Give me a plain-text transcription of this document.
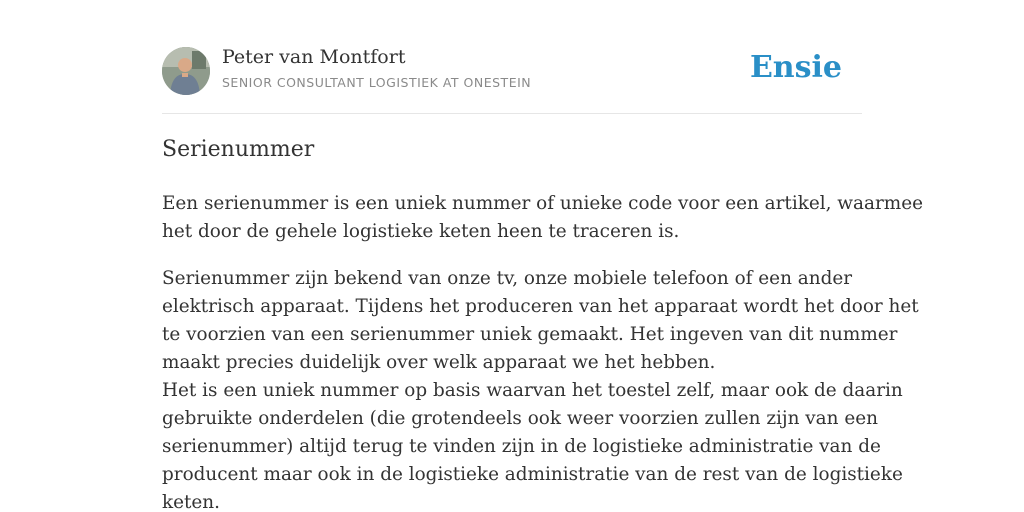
Peter van Montfort
SENIOR CONSULTANT LOGISTIEK AT ONESTEIN	Ensie
Serienummer

Een serienummer is een uniek nummer of unieke code voor een artikel, waarmee
het door de gehele logistieke keten heen te traceren is.

Serienummer zijn bekend van onze tv, onze mobiele telefoon of een ander
elektrisch apparaat. Tijdens het produceren van het apparaat wordt het door het
te voorzien van een serienummer uniek gemaakt. Het ingeven van dit nummer
maakt precies duidelijk over welk apparaat we het hebben.
Het is een uniek nummer op basis waarvan het toestel zelf, maar ook de daarin
gebruikte onderdelen (die grotendeels ook weer voorzien zullen zijn van een
serienummer) altijd terug te vinden zijn in de logistieke administratie van de
producent maar ook in de logistieke administratie van de rest van de logistieke
keten.
